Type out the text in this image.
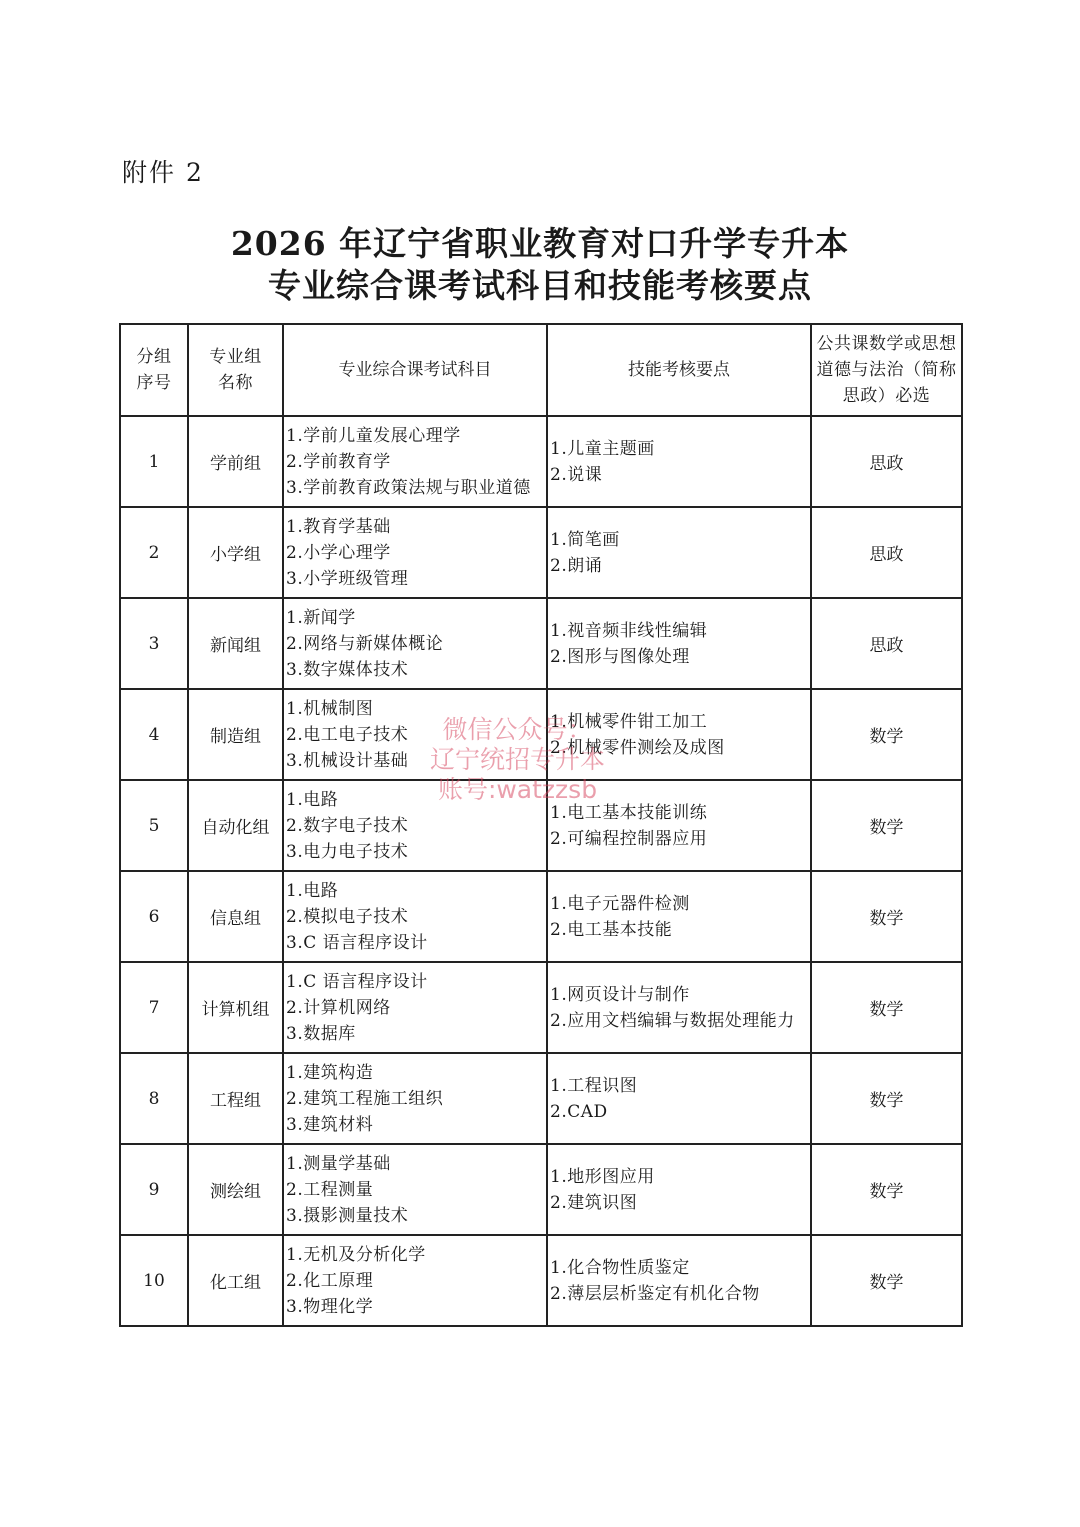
附件 2
2026 年辽宁省职业教育对口升学专升本
专业综合课考试科目和技能考核要点
分组
序号	专业组
名称	专业综合课考试科目	技能考核要点	公共课数学或思想
道德与法治（简称
思政）必选

1	学前组	1.学前儿童发展心理学
2.学前教育学
3.学前教育政策法规与职业道德	1.儿童主题画
2.说课	思政
2	小学组	1.教育学基础
2.小学心理学
3.小学班级管理	1.简笔画
2.朗诵	思政
3	新闻组	1.新闻学
2.网络与新媒体概论
3.数字媒体技术	1.视音频非线性编辑
2.图形与图像处理	思政
4	制造组	1.机械制图
2.电工电子技术
3.机械设计基础	1.机械零件钳工加工
2.机械零件测绘及成图	数学
5	自动化组	1.电路
2.数字电子技术
3.电力电子技术	1.电工基本技能训练
2.可编程控制器应用	数学
6	信息组	1.电路
2.模拟电子技术
3.C 语言程序设计	1.电子元器件检测
2.电工基本技能	数学
7	计算机组	1.C 语言程序设计
2.计算机网络
3.数据库	1.网页设计与制作
2.应用文档编辑与数据处理能力	数学
8	工程组	1.建筑构造
2.建筑工程施工组织
3.建筑材料	1.工程识图
2.CAD	数学
9	测绘组	1.测量学基础
2.工程测量
3.摄影测量技术	1.地形图应用
2.建筑识图	数学
10	化工组	1.无机及分析化学
2.化工原理
3.物理化学	1.化合物性质鉴定
2.薄层层析鉴定有机化合物	数学
微信公众号：
辽宁统招专升本
账号:watzzsb
